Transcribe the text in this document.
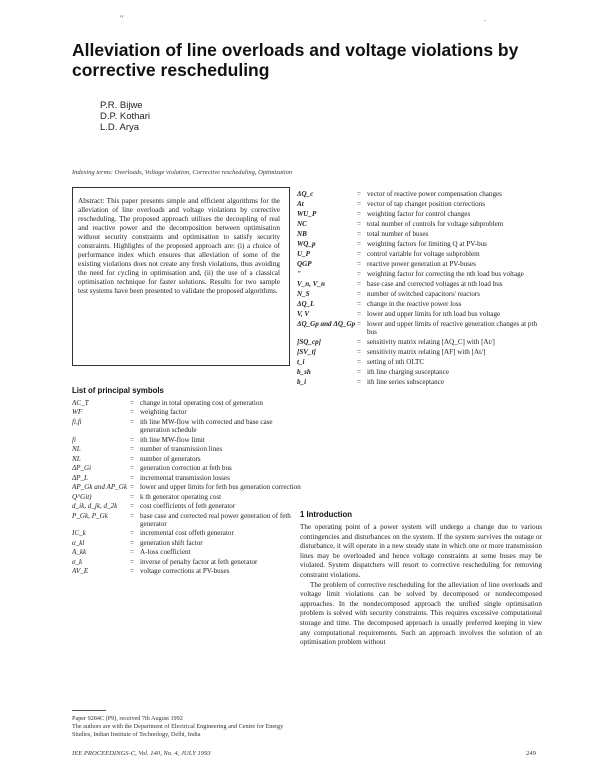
"	.
Alleviation of line overloads and voltage violations by corrective rescheduling
P.R. Bijwe
D.P. Kothari
L.D. Arya
Indexing terms: Overloads, Voltage violation, Corrective rescheduling, Optimization
Abstract: This paper presents simple and efficient algorithms for the alleviation of line overloads and voltage violations by corrective rescheduling. The proposed approach utilises the decoupling of real and reactive power and the decomposition between optimisation without security constraints and optimisation to satisfy security constraints. Highlights of the proposed approach are: (i) a choice of performance index which ensures that alleviation of some of the existing violations does not create any fresh violations, thus avoiding the need for cycling in optimisation and, (ii) the use of a classical optimisation technique for faster solutions. Results for two sample test systems have been presented to validate the proposed algorithms.
List of principal symbols
AC_T	= change in total operating cost of generation
WF	= weighting factor
fi,fi	= ith line MW-flow with corrected and base case generation schedule
fi	= ith line MW-flow limit
NL	= number of transmission lines
NL	= number of generators
ΔP_Gi	= generation correction at feth bus
ΔP_L	= incremental transmission losses
AP_Gk and AP_Gk = lower and upper limits for feth bus generation correction
Q^Git)	= k th generator operating cost
d_ik, d_jk, d_2k	= cost coefficients of feth generator
P_Gk, P_Gk	= base case and corrected real power generation of feth generator
IC_k	= incremental cost offeth generator
α_kl	= generation shift factor
A_kk	= A-loss coefficient
σ_k	= inverse of penalty factor at feth generator
AV_E	= voltage corrections at PV-buses
ΔQ_c	= vector of reactive power compensation changes
At	= vector of tap changer position corrections
WU_P	= weighting factor for control changes
NC	= total number of controls for voltage subproblem
NB	= total number of buses
WQ_p	= weighting factors for limiting Q at PV-bus
U_P	= control variable for voltage subproblem
QGP	= reactive power generation at PV-buses
"	= weighting factor for correcting the nth load bus voltage
V_n, V_n	= base case and corrected voltages at nth load bus
N_S	= number of switched capacitors/ reactors
ΔQ_L	= change in the reactive power loss
V, V	= lower and upper limits for nth load bus voltage
ΔQ_Gp and ΔQ_Gp = lower and upper limits of reactive generation changes at pth bus
[SQ_cp]	= sensitivity matrix relating [AQ_C] with [At/]
[SV_t]	= sensitivity matrix relating [AF] with [At/]
t_i	= setting of nth OLTC
b_sh	= ith line charging susceptance
b_i	= ith line series subsceptance
1 Introduction

The operating point of a power system will undergo a change due to various contingencies and disturbances on the system. If the system survives the outage or disturbance, it will operate in a new steady state in which one or more transmission lines may be overloaded and hence voltage constraints at some buses may be violated. System dispatchers will resort to corrective rescheduling for removing constraint violations.

The problem of corrective rescheduling for the alleviation of line overloads and voltage limit violations can be solved by decomposed or nondecomposed approaches. In the nondecomposed approach the unified single optimisation problem is solved with security constraints. This requires excessive computational storage and time. The decomposed approach is usually preferred keeping in view any computational requirements. Such an approach involves the solution of an optimisation problem without

Paper 9284C (P9), received 7th August 1992
The authors are with the Department of Electrical Engineering and Centre for Energy Studies, Indian Institute of Technology, Delhi, India
IEE PROCEEDINGS-C, Vol. 140, No. 4, JULY 1993	249
